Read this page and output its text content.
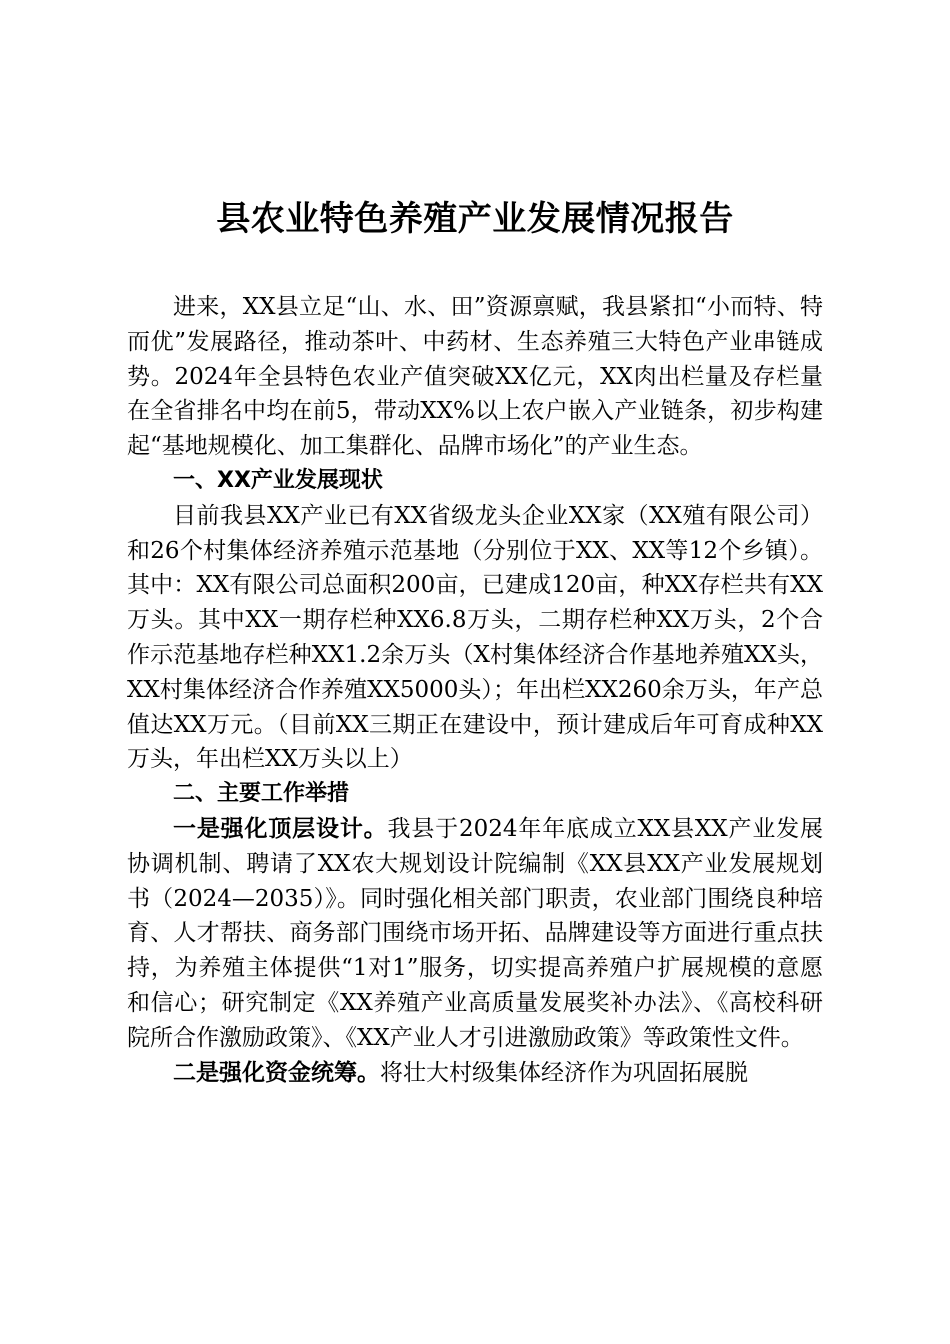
县农业特色养殖产业发展情况报告

进来，XX县立足“山、水、田”资源禀赋，我县紧扣“小而特、特而优”发展路径，推动茶叶、中药材、生态养殖三大特色产业串链成势。2024年全县特色农业产值突破XX亿元，XX肉出栏量及存栏量在全省排名中均在前5，带动XX%以上农户嵌入产业链条，初步构建起“基地规模化、加工集群化、品牌市场化”的产业生态。

一、XX产业发展现状

目前我县XX产业已有XX省级龙头企业XX家（XX殖有限公司）和26个村集体经济养殖示范基地（分别位于XX、XX等12个乡镇）。其中：XX有限公司总面积200亩，已建成120亩，种XX存栏共有XX万头。其中XX一期存栏种XX6.8万头，二期存栏种XX万头，2个合作示范基地存栏种XX1.2余万头（X村集体经济合作基地养殖XX头，XX村集体经济合作养殖XX5000头）；年出栏XX260余万头，年产总值达XX万元。（目前XX三期正在建设中，预计建成后年可育成种XX万头，年出栏XX万头以上）

二、主要工作举措

一是强化顶层设计。我县于2024年年底成立XX县XX产业发展协调机制、聘请了XX农大规划设计院编制《XX县XX产业发展规划书（2024—2035）》。同时强化相关部门职责，农业部门围绕良种培育、人才帮扶、商务部门围绕市场开拓、品牌建设等方面进行重点扶持，为养殖主体提供“1对1”服务，切实提高养殖户扩展规模的意愿和信心；研究制定《XX养殖产业高质量发展奖补办法》、《高校科研院所合作激励政策》、《XX产业人才引进激励政策》等政策性文件。

二是强化资金统筹。将壮大村级集体经济作为巩固拓展脱
